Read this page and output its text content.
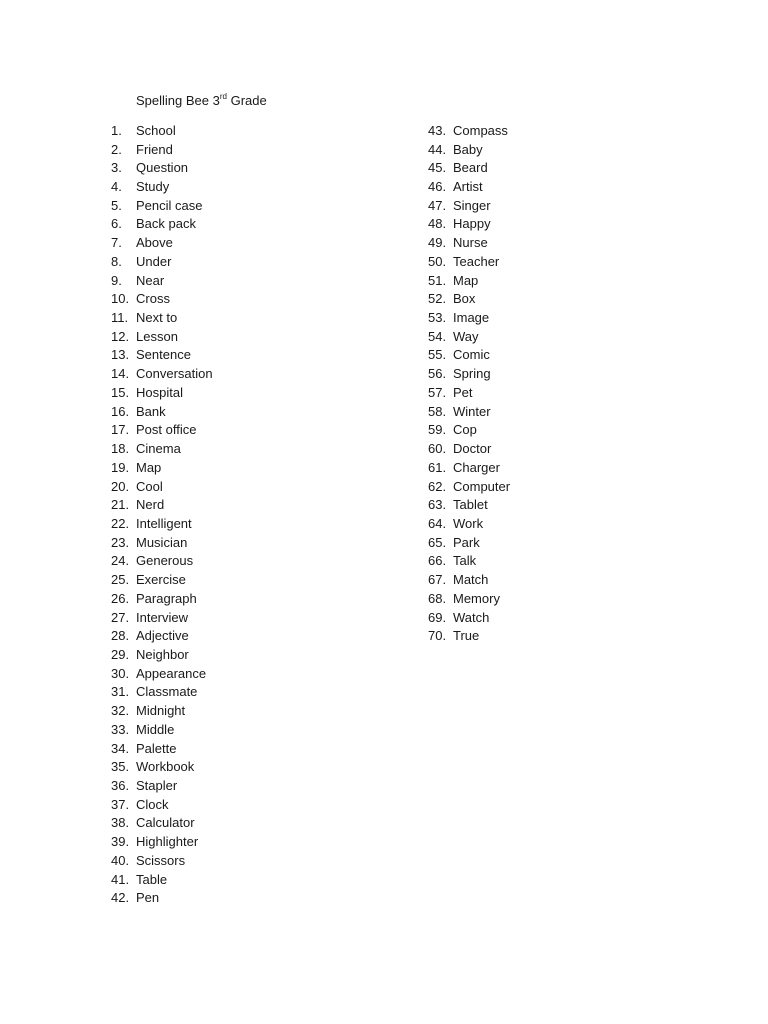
Spelling Bee 3rd Grade
1.	School
2.	Friend
3.	Question
4.	Study
5.	Pencil case
6.	Back pack
7.	Above
8.	Under
9.	Near
10. Cross
11. Next to
12. Lesson
13. Sentence
14. Conversation
15. Hospital
16. Bank
17. Post office
18. Cinema
19. Map
20. Cool
21. Nerd
22. Intelligent
23. Musician
24. Generous
25. Exercise
26. Paragraph
27. Interview
28. Adjective
29. Neighbor
30. Appearance
31. Classmate
32. Midnight
33. Middle
34. Palette
35. Workbook
36. Stapler
37. Clock
38. Calculator
39. Highlighter
40. Scissors
41. Table
42. Pen
43. Compass
44. Baby
45. Beard
46. Artist
47. Singer
48. Happy
49. Nurse
50. Teacher
51. Map
52. Box
53. Image
54. Way
55. Comic
56. Spring
57. Pet
58. Winter
59. Cop
60. Doctor
61. Charger
62. Computer
63. Tablet
64. Work
65. Park
66. Talk
67. Match
68. Memory
69. Watch
70. True
